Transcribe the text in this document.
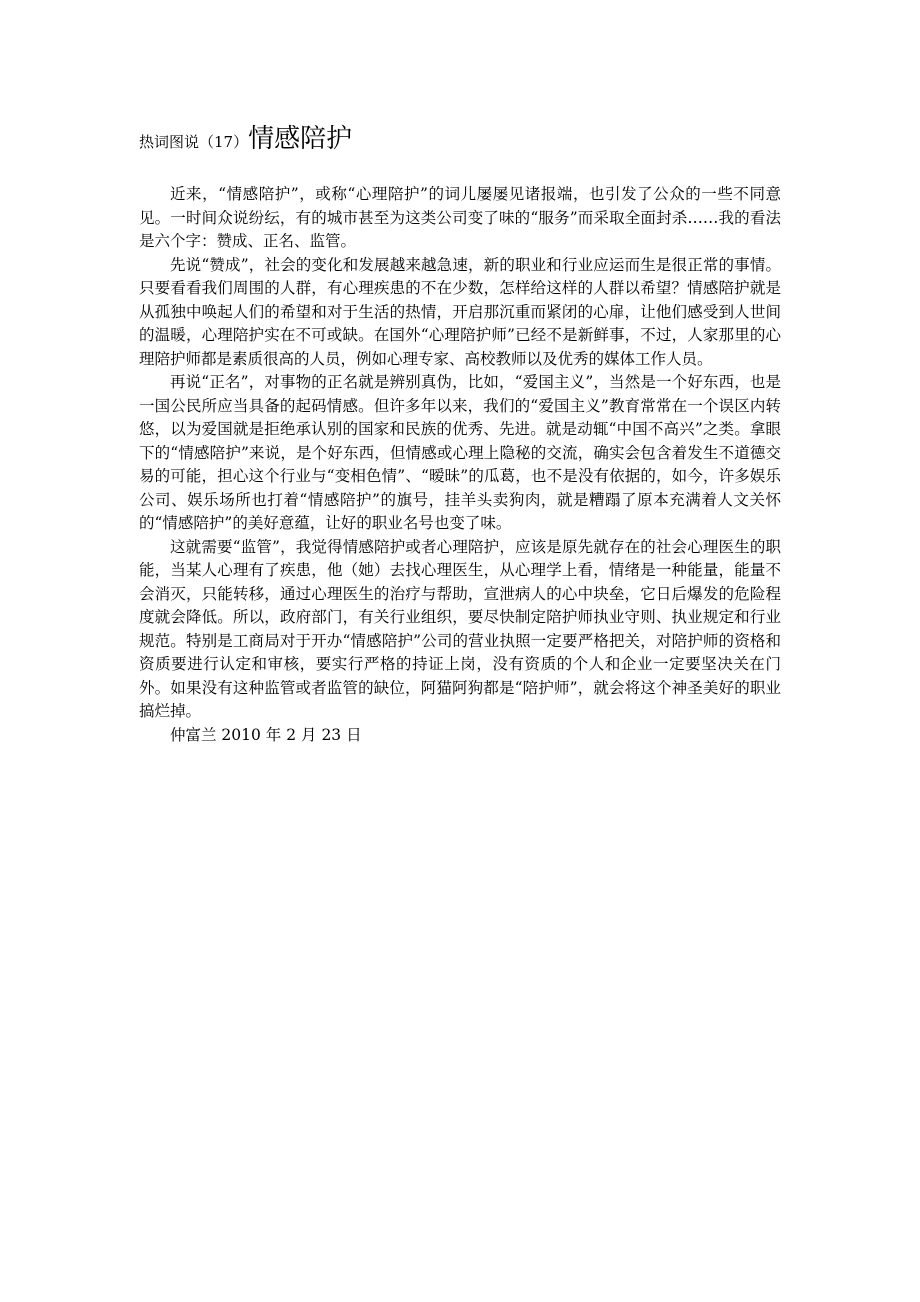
热词图说（17）情感陪护

近来，“情感陪护”，或称“心理陪护”的词儿屡屡见诸报端，也引发了公众的一些不同意见。一时间众说纷纭，有的城市甚至为这类公司变了味的“服务”而采取全面封杀……我的看法是六个字：赞成、正名、监管。

先说“赞成”，社会的变化和发展越来越急速，新的职业和行业应运而生是很正常的事情。只要看看我们周围的人群，有心理疾患的不在少数，怎样给这样的人群以希望？情感陪护就是从孤独中唤起人们的希望和对于生活的热情，开启那沉重而紧闭的心扉，让他们感受到人世间的温暖，心理陪护实在不可或缺。在国外“心理陪护师”已经不是新鲜事，不过，人家那里的心理陪护师都是素质很高的人员，例如心理专家、高校教师以及优秀的媒体工作人员。

再说“正名”，对事物的正名就是辨别真伪，比如，“爱国主义”，当然是一个好东西，也是一国公民所应当具备的起码情感。但许多年以来，我们的“爱国主义”教育常常在一个误区内转悠，以为爱国就是拒绝承认别的国家和民族的优秀、先进。就是动辄“中国不高兴”之类。拿眼下的“情感陪护”来说，是个好东西，但情感或心理上隐秘的交流，确实会包含着发生不道德交易的可能，担心这个行业与“变相色情”、“暧昧”的瓜葛，也不是没有依据的，如今，许多娱乐公司、娱乐场所也打着“情感陪护”的旗号，挂羊头卖狗肉，就是糟蹋了原本充满着人文关怀的“情感陪护”的美好意蕴，让好的职业名号也变了味。

这就需要“监管”，我觉得情感陪护或者心理陪护，应该是原先就存在的社会心理医生的职能，当某人心理有了疾患，他（她）去找心理医生，从心理学上看，情绪是一种能量，能量不会消灭，只能转移，通过心理医生的治疗与帮助，宣泄病人的心中块垒，它日后爆发的危险程度就会降低。所以，政府部门，有关行业组织，要尽快制定陪护师执业守则、执业规定和行业规范。特别是工商局对于开办“情感陪护”公司的营业执照一定要严格把关，对陪护师的资格和资质要进行认定和审核，要实行严格的持证上岗，没有资质的个人和企业一定要坚决关在门外。如果没有这种监管或者监管的缺位，阿猫阿狗都是“陪护师”，就会将这个神圣美好的职业搞烂掉。

仲富兰 2010 年 2 月 23 日
